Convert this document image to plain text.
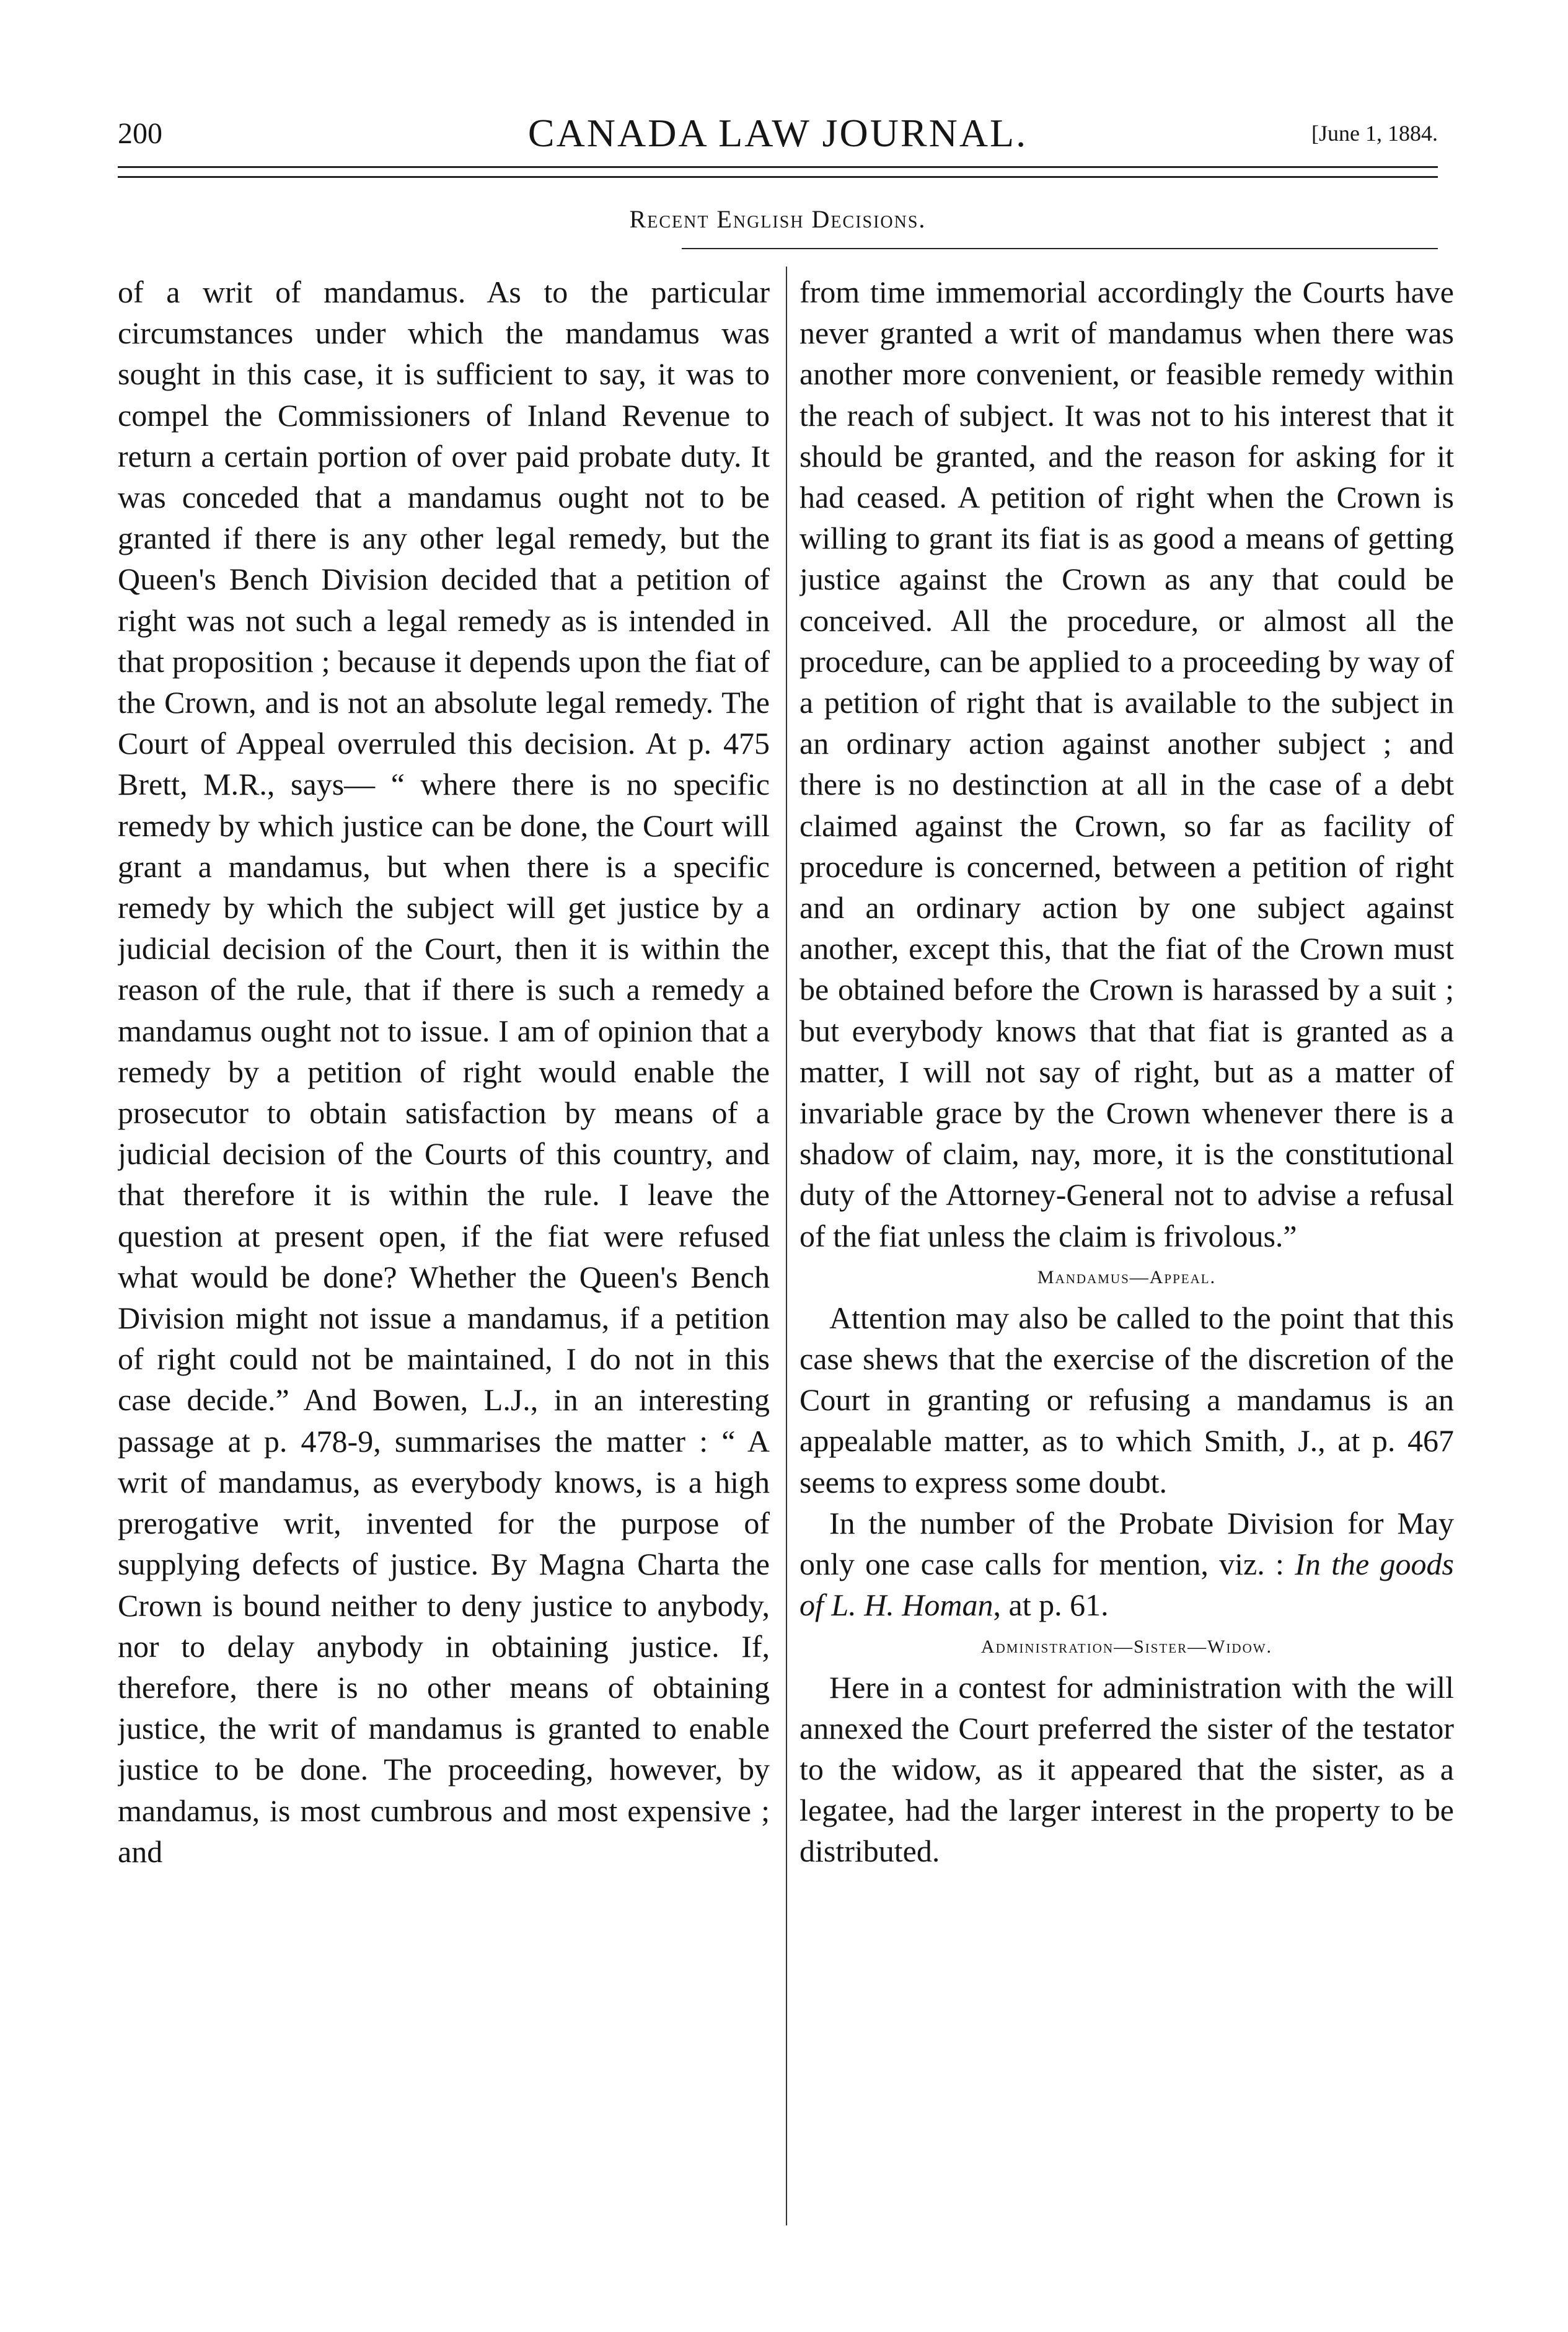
200	CANADA LAW JOURNAL.	[June 1, 1884.
Recent English Decisions.

of a writ of mandamus. As to the particular circumstances under which the mandamus was sought in this case, it is sufficient to say, it was to compel the Commissioners of Inland Revenue to return a certain portion of over paid probate duty. It was conceded that a mandamus ought not to be granted if there is any other legal remedy, but the Queen's Bench Division decided that a petition of right was not such a legal remedy as is intended in that proposition ; because it depends upon the fiat of the Crown, and is not an absolute legal remedy. The Court of Appeal overruled this decision. At p. 475 Brett, M.R., says— “ where there is no specific remedy by which justice can be done, the Court will grant a mandamus, but when there is a specific remedy by which the subject will get justice by a judicial decision of the Court, then it is within the reason of the rule, that if there is such a remedy a mandamus ought not to issue. I am of opinion that a remedy by a petition of right would enable the prosecutor to obtain satisfaction by means of a judicial decision of the Courts of this country, and that therefore it is within the rule. I leave the question at present open, if the fiat were refused what would be done? Whether the Queen's Bench Division might not issue a mandamus, if a petition of right could not be maintained, I do not in this case decide.” And Bowen, L.J., in an interesting passage at p. 478-9, summarises the matter : “ A writ of mandamus, as everybody knows, is a high prerogative writ, invented for the purpose of supplying defects of justice. By Magna Charta the Crown is bound neither to deny justice to anybody, nor to delay anybody in obtaining justice. If, therefore, there is no other means of obtaining justice, the writ of mandamus is granted to enable justice to be done. The proceeding, however, by mandamus, is most cumbrous and most expensive ; and

from time immemorial accordingly the Courts have never granted a writ of mandamus when there was another more convenient, or feasible remedy within the reach of subject. It was not to his interest that it should be granted, and the reason for asking for it had ceased. A petition of right when the Crown is willing to grant its fiat is as good a means of getting justice against the Crown as any that could be conceived. All the procedure, or almost all the procedure, can be applied to a proceeding by way of a petition of right that is available to the subject in an ordinary action against another subject ; and there is no destinction at all in the case of a debt claimed against the Crown, so far as facility of procedure is concerned, between a petition of right and an ordinary action by one subject against another, except this, that the fiat of the Crown must be obtained before the Crown is harassed by a suit ; but everybody knows that that fiat is granted as a matter, I will not say of right, but as a matter of invariable grace by the Crown whenever there is a shadow of claim, nay, more, it is the constitutional duty of the Attorney-General not to advise a refusal of the fiat unless the claim is frivolous.”

Mandamus—Appeal.

Attention may also be called to the point that this case shews that the exercise of the discretion of the Court in granting or refusing a mandamus is an appealable matter, as to which Smith, J., at p. 467 seems to express some doubt.

In the number of the Probate Division for May only one case calls for mention, viz. : In the goods of L. H. Homan, at p. 61.

Administration—Sister—Widow.

Here in a contest for administration with the will annexed the Court preferred the sister of the testator to the widow, as it appeared that the sister, as a legatee, had the larger interest in the property to be distributed.
